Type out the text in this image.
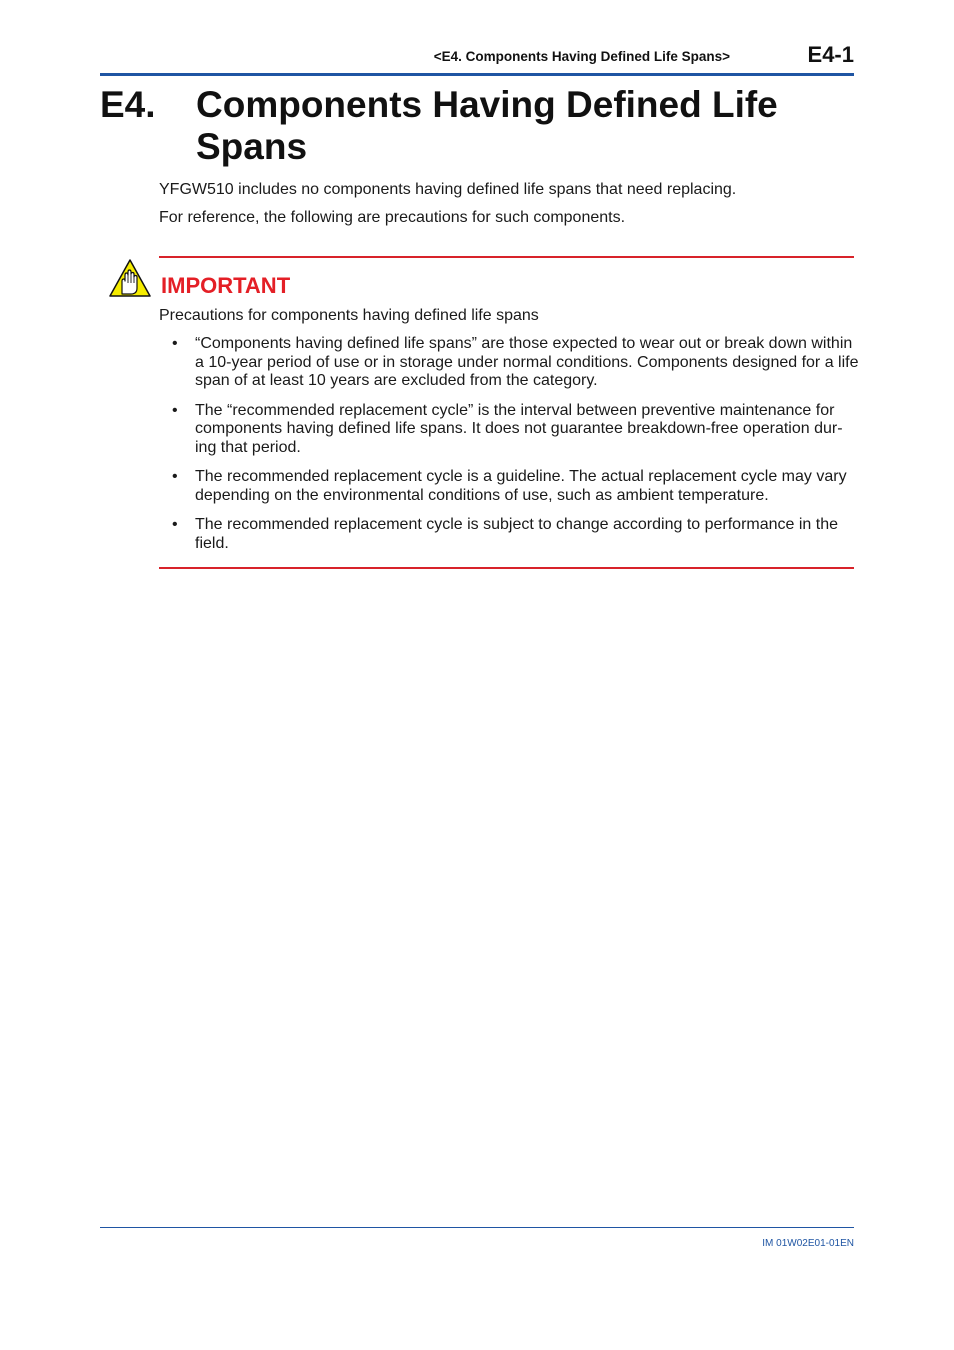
<E4. Components Having Defined Life Spans>	E4-1
E4. Components Having Defined Life Spans
YFGW510 includes no components having defined life spans that need replacing.
For reference, the following are precautions for such components.
IMPORTANT
Precautions for components having defined life spans
• “Components having defined life spans” are those expected to wear out or break down within a 10-year period of use or in storage under normal conditions. Components designed for a life span of at least 10 years are excluded from the category.
• The “recommended replacement cycle” is the interval between preventive maintenance for components having defined life spans. It does not guarantee breakdown-free operation dur-ing that period.
• The recommended replacement cycle is a guideline. The actual replacement cycle may vary depending on the environmental conditions of use, such as ambient temperature.
• The recommended replacement cycle is subject to change according to performance in the field.
IM 01W02E01-01EN
